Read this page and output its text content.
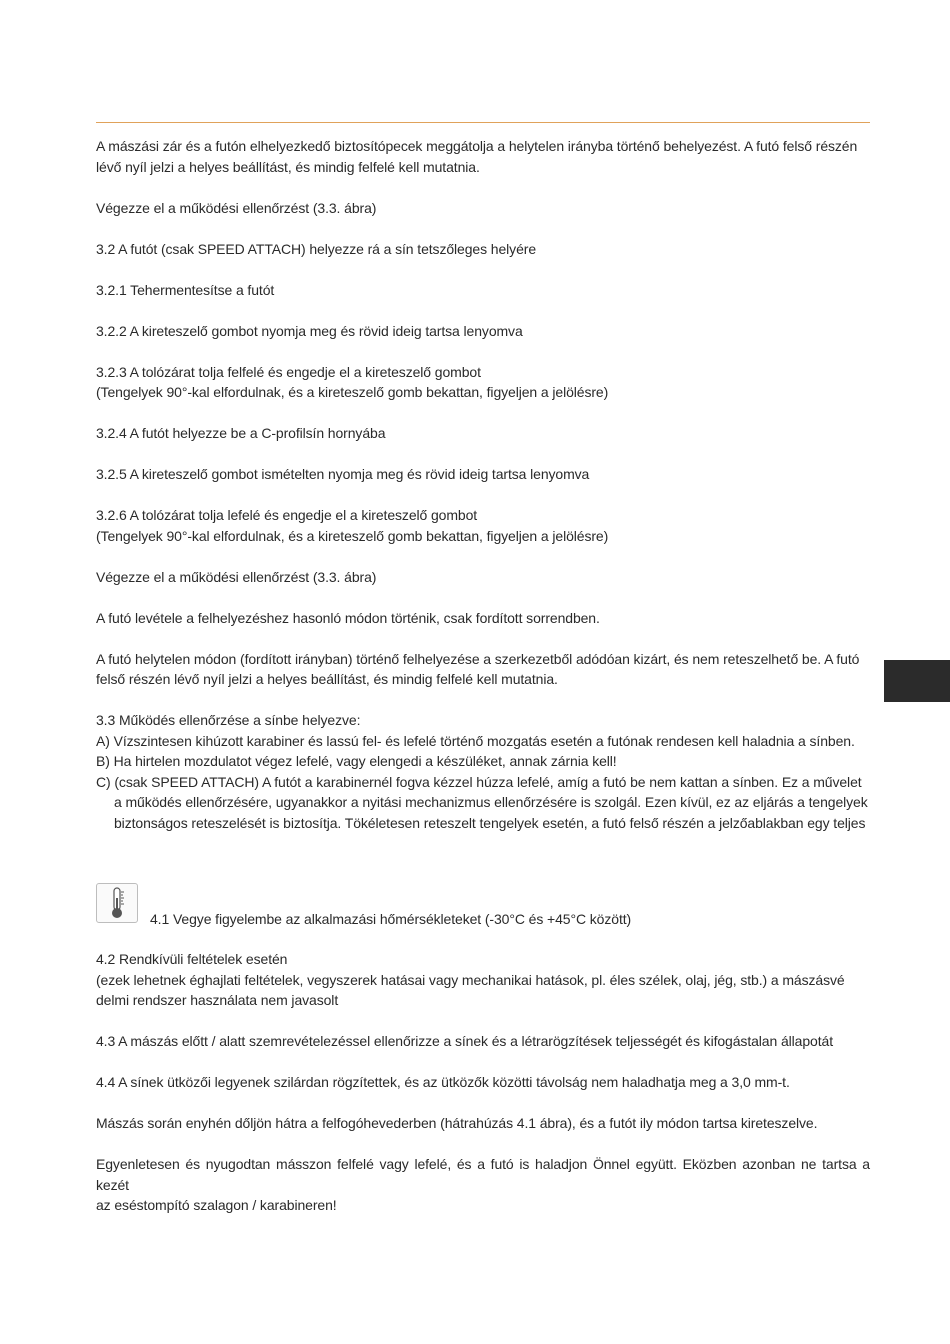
A mászási zár és a futón elhelyezkedő biztosítópecek meggátolja a helytelen irányba történő behelyezést. A futó felső részén
lévő nyíl jelzi a helyes beállítást, és mindig felfelé kell mutatnia.

Végezze el a működési ellenőrzést (3.3. ábra)

3.2 A futót (csak SPEED ATTACH) helyezze rá a sín tetszőleges helyére

3.2.1 Tehermentesítse a futót

3.2.2 A kireteszelő gombot nyomja meg és rövid ideig tartsa lenyomva

3.2.3 A tolózárat tolja felfelé és engedje el a kireteszelő gombot
(Tengelyek 90°-kal elfordulnak, és a kireteszelő gomb bekattan, figyeljen a jelölésre)

3.2.4 A futót helyezze be a C-profilsín hornyába

3.2.5 A kireteszelő gombot ismételten nyomja meg és rövid ideig tartsa lenyomva

3.2.6 A tolózárat tolja lefelé és engedje el a kireteszelő gombot
(Tengelyek 90°-kal elfordulnak, és a kireteszelő gomb bekattan, figyeljen a jelölésre)

Végezze el a működési ellenőrzést (3.3. ábra)

A futó levétele a felhelyezéshez hasonló módon történik, csak fordított sorrendben.

A futó helytelen módon (fordított irányban) történő felhelyezése a szerkezetből adódóan kizárt, és nem reteszelhető be. A futó
felső részén lévő nyíl jelzi a helyes beállítást, és mindig felfelé kell mutatnia.

3.3 Működés ellenőrzése a sínbe helyezve:
A) Vízszintesen kihúzott karabiner és lassú fel- és lefelé történő mozgatás esetén a futónak rendesen kell haladnia a sínben.
B) Ha hirtelen mozdulatot végez lefelé, vagy elengedi a készüléket, annak zárnia kell!
C) (csak SPEED ATTACH) A futót a karabinernél fogva kézzel húzza lefelé, amíg a futó be nem kattan a sínben. Ez a művelet
a működés ellenőrzésére, ugyanakkor a nyitási mechanizmus ellenőrzésére is szolgál. Ezen kívül, ez az eljárás a tengelyek
biztonságos reteszelését is biztosítja. Tökéletesen reteszelt tengelyek esetén, a futó felső részén a jelzőablakban egy teljes
4.1 Vegye figyelembe az alkalmazási hőmérsékleteket (-30°C és +45°C között)

4.2 Rendkívüli feltételek esetén
(ezek lehetnek éghajlati feltételek, vegyszerek hatásai vagy mechanikai hatások, pl. éles szélek, olaj, jég, stb.) a mászásvé
delmi rendszer használata nem javasolt

4.3 A mászás előtt / alatt szemrevételezéssel ellenőrizze a sínek és a létrarögzítések teljességét és kifogástalan állapotát

4.4 A sínek ütközői legyenek szilárdan rögzítettek, és az ütközők közötti távolság nem haladhatja meg a 3,0 mm-t.

Mászás során enyhén dőljön hátra a felfogóhevederben (hátrahúzás 4.1 ábra), és a futót ily módon tartsa kireteszelve.

Egyenletesen és nyugodtan másszon felfelé vagy lefelé, és a futó is haladjon Önnel együtt. Eközben azonban ne tartsa a kezét
az eséstompító szalagon / karabineren!
